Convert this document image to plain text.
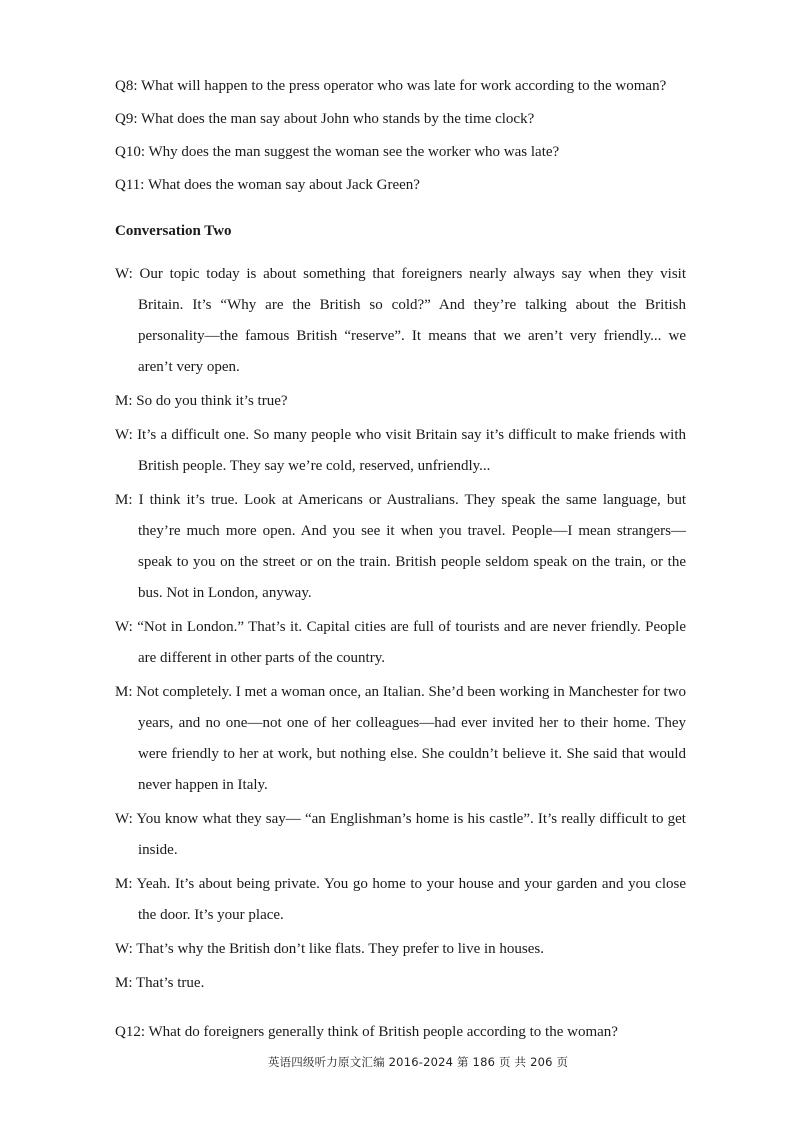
Q8: What will happen to the press operator who was late for work according to the woman?
Q9: What does the man say about John who stands by the time clock?
Q10: Why does the man suggest the woman see the worker who was late?
Q11: What does the woman say about Jack Green?
Conversation Two

W: Our topic today is about something that foreigners nearly always say when they visit Britain. It’s “Why are the British so cold?” And they’re talking about the British personality—the famous British “reserve”. It means that we aren’t very friendly... we aren’t very open.

M: So do you think it’s true?

W: It’s a difficult one. So many people who visit Britain say it’s difficult to make friends with British people. They say we’re cold, reserved, unfriendly...

M: I think it’s true. Look at Americans or Australians. They speak the same language, but they’re much more open. And you see it when you travel. People—I mean strangers—speak to you on the street or on the train. British people seldom speak on the train, or the bus. Not in London, anyway.

W: “Not in London.” That’s it. Capital cities are full of tourists and are never friendly. People are different in other parts of the country.

M: Not completely. I met a woman once, an Italian. She’d been working in Manchester for two years, and no one—not one of her colleagues—had ever invited her to their home. They were friendly to her at work, but nothing else. She couldn’t believe it. She said that would never happen in Italy.

W: You know what they say— “an Englishman’s home is his castle”. It’s really difficult to get inside.

M: Yeah. It’s about being private. You go home to your house and your garden and you close the door. It’s your place.

W: That’s why the British don’t like flats. They prefer to live in houses.

M: That’s true.

Q12: What do foreigners generally think of British people according to the woman?
英语四级听力原文汇编 2016-2024 第 186 页 共 206 页
